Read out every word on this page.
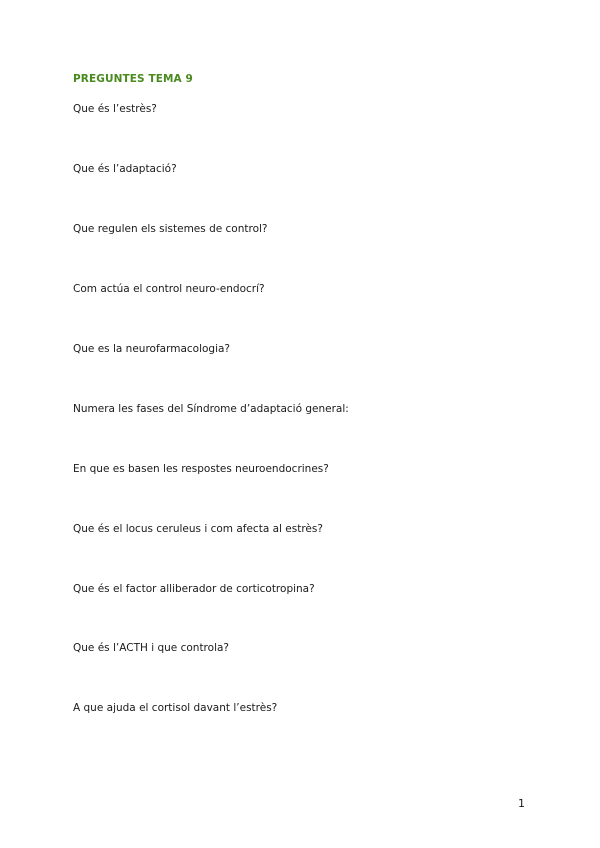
PREGUNTES TEMA 9
Que és l’estrès?
Que és l’adaptació?
Que regulen els sistemes de control?
Com actúa el control neuro-endocrí?
Que es la neurofarmacologia?
Numera les fases del Síndrome d’adaptació general:
En que es basen les respostes neuroendocrines?
Que és el locus ceruleus i com afecta al estrès?
Que és el factor alliberador de corticotropina?
Que és l’ACTH i que controla?
A que ajuda el cortisol davant l’estrès?
1
